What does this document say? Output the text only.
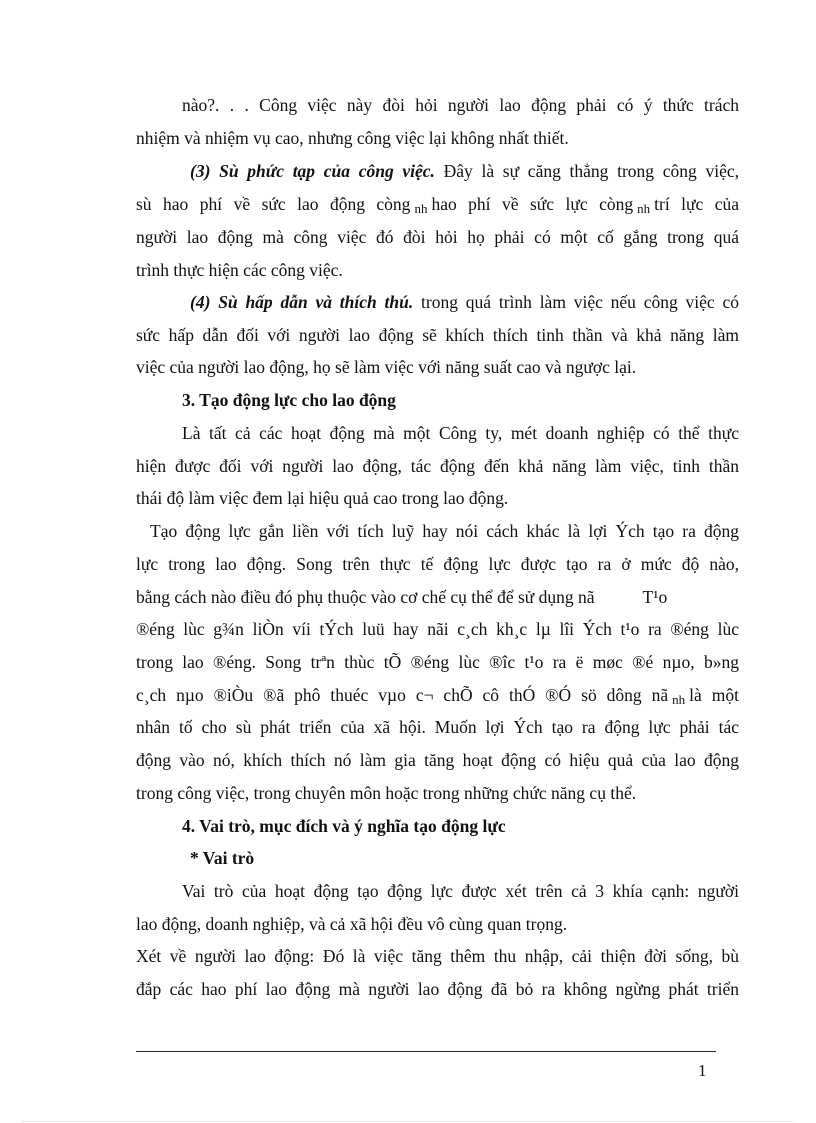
nào?. . . Công việc này đòi hỏi người lao động phải có ý thức trách
nhiệm và nhiệm vụ cao, nhưng công việc lại không nhất thiết.
(3) Sù phức tạp của công việc. Đây là sự căng thẳng trong công việc,
sù hao phí về sức lao động còng nh hao phí về sức lực còng nh trí lực của
người lao động mà công việc đó đòi hỏi họ phải có một cố gắng trong quá
trình thực hiện các công việc.
(4) Sù hấp dẫn và thích thú. trong quá trình làm việc nếu công việc có
sức hấp dẫn đối với người lao động sẽ khích thích tinh thần và khả năng làm
việc của người lao động, họ sẽ làm việc với năng suất cao và ngược lại.
3. Tạo động lực cho lao động
Là tất cả các hoạt động mà một Công ty, mét doanh nghiệp có thể thực
hiện được đối với người lao động, tác động đến khả năng làm việc, tinh thần
thái độ làm việc đem lại hiệu quả cao trong lao động.
Tạo động lực gắn liền với tích luỹ hay nói cách khác là lợi Ých tạo ra động
lực trong lao động. Song trên thực tế động lực được tạo ra ở mức độ nào,
bằng cách nào điều đó phụ thuộc vào cơ chế cụ thể để sử dụng nã	T¹o
®éng lùc g¾n liÒn víi tÝch luü hay nãi c¸ch kh¸c lµ lîi Ých t¹o ra ®éng lùc
trong lao ®éng. Song trªn thùc tÕ ®éng lùc ®îc t¹o ra ë møc ®é nµo, b»ng
c¸ch nµo ®iÒu ®ã phô thuéc vµo c¬ chÕ cô thÓ ®Ó sö dông nã nh là một
nhân tố cho sù phát triển của xã hội. Muốn lợi Ých tạo ra động lực phải tác
động vào nó, khích thích nó làm gia tăng hoạt động có hiệu quả của lao động
trong công việc, trong chuyên môn hoặc trong những chức năng cụ thể.
4. Vai trò, mục đích và ý nghĩa tạo động lực
* Vai trò
Vai trò của hoạt động tạo động lực được xét trên cả 3 khía cạnh: người
lao động, doanh nghiệp, và cả xã hội đều vô cùng quan trọng.
Xét về người lao động: Đó là việc tăng thêm thu nhập, cải thiện đời sống, bù
đắp các hao phí lao động mà người lao động đã bỏ ra không ngừng phát triển
1
